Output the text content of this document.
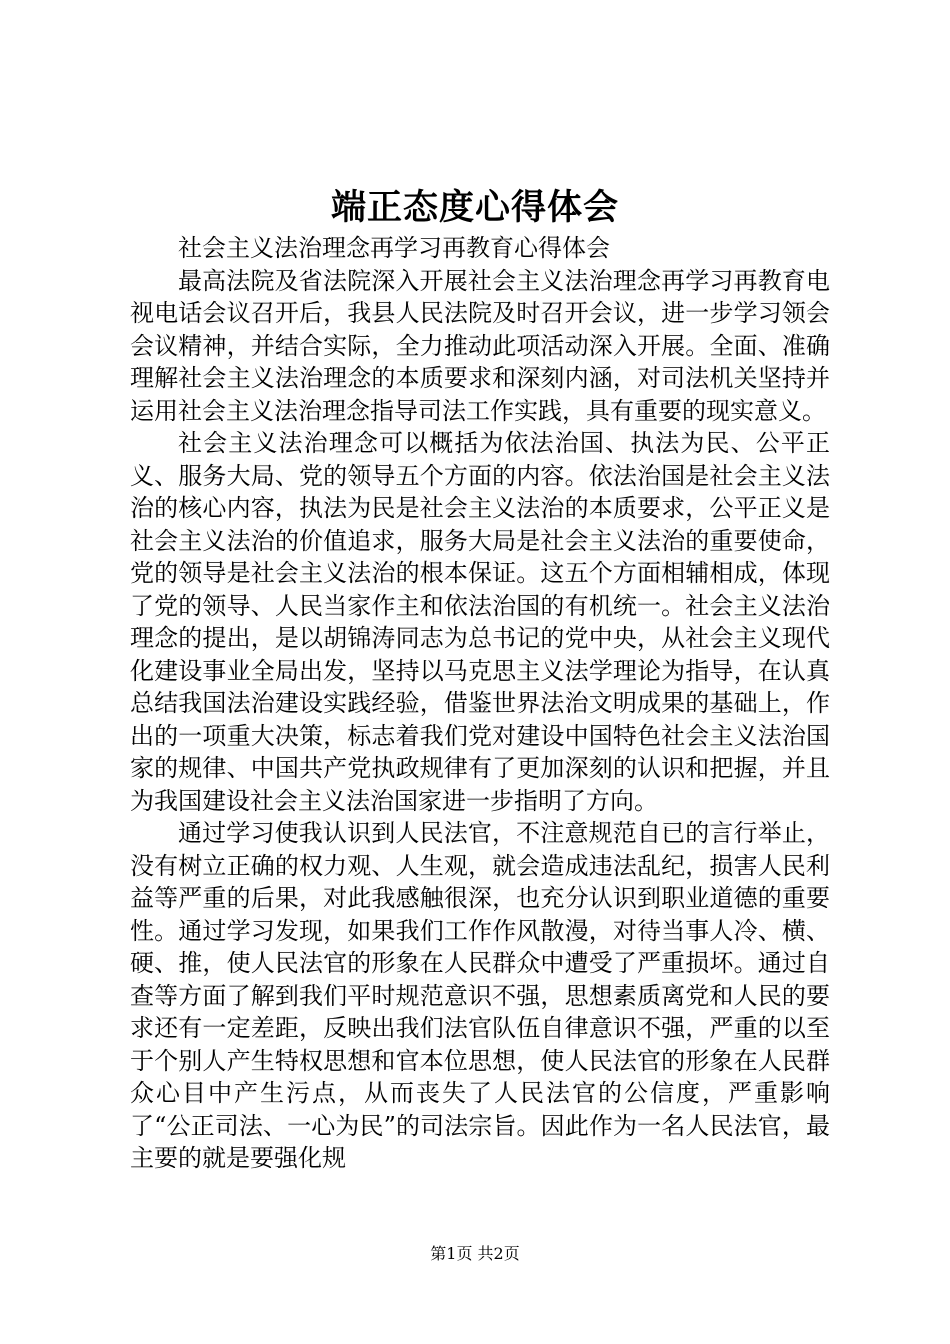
端正态度心得体会

社会主义法治理念再学习再教育心得体会

最高法院及省法院深入开展社会主义法治理念再学习再教育电视电话会议召开后，我县人民法院及时召开会议，进一步学习领会会议精神，并结合实际，全力推动此项活动深入开展。全面、准确理解社会主义法治理念的本质要求和深刻内涵，对司法机关坚持并运用社会主义法治理念指导司法工作实践，具有重要的现实意义。

社会主义法治理念可以概括为依法治国、执法为民、公平正义、服务大局、党的领导五个方面的内容。依法治国是社会主义法治的核心内容，执法为民是社会主义法治的本质要求，公平正义是社会主义法治的价值追求，服务大局是社会主义法治的重要使命，党的领导是社会主义法治的根本保证。这五个方面相辅相成，体现了党的领导、人民当家作主和依法治国的有机统一。社会主义法治理念的提出，是以胡锦涛同志为总书记的党中央，从社会主义现代化建设事业全局出发，坚持以马克思主义法学理论为指导，在认真总结我国法治建设实践经验，借鉴世界法治文明成果的基础上，作出的一项重大决策，标志着我们党对建设中国特色社会主义法治国家的规律、中国共产党执政规律有了更加深刻的认识和把握，并且为我国建设社会主义法治国家进一步指明了方向。

通过学习使我认识到人民法官，不注意规范自已的言行举止，没有树立正确的权力观、人生观，就会造成违法乱纪，损害人民利益等严重的后果，对此我感触很深，也充分认识到职业道德的重要性。通过学习发现，如果我们工作作风散漫，对待当事人冷、横、硬、推，使人民法官的形象在人民群众中遭受了严重损坏。通过自查等方面了解到我们平时规范意识不强，思想素质离党和人民的要求还有一定差距，反映出我们法官队伍自律意识不强，严重的以至于个别人产生特权思想和官本位思想，使人民法官的形象在人民群众心目中产生污点，从而丧失了人民法官的公信度，严重影响了“公正司法、一心为民”的司法宗旨。因此作为一名人民法官，最主要的就是要强化规

第1页 共2页
